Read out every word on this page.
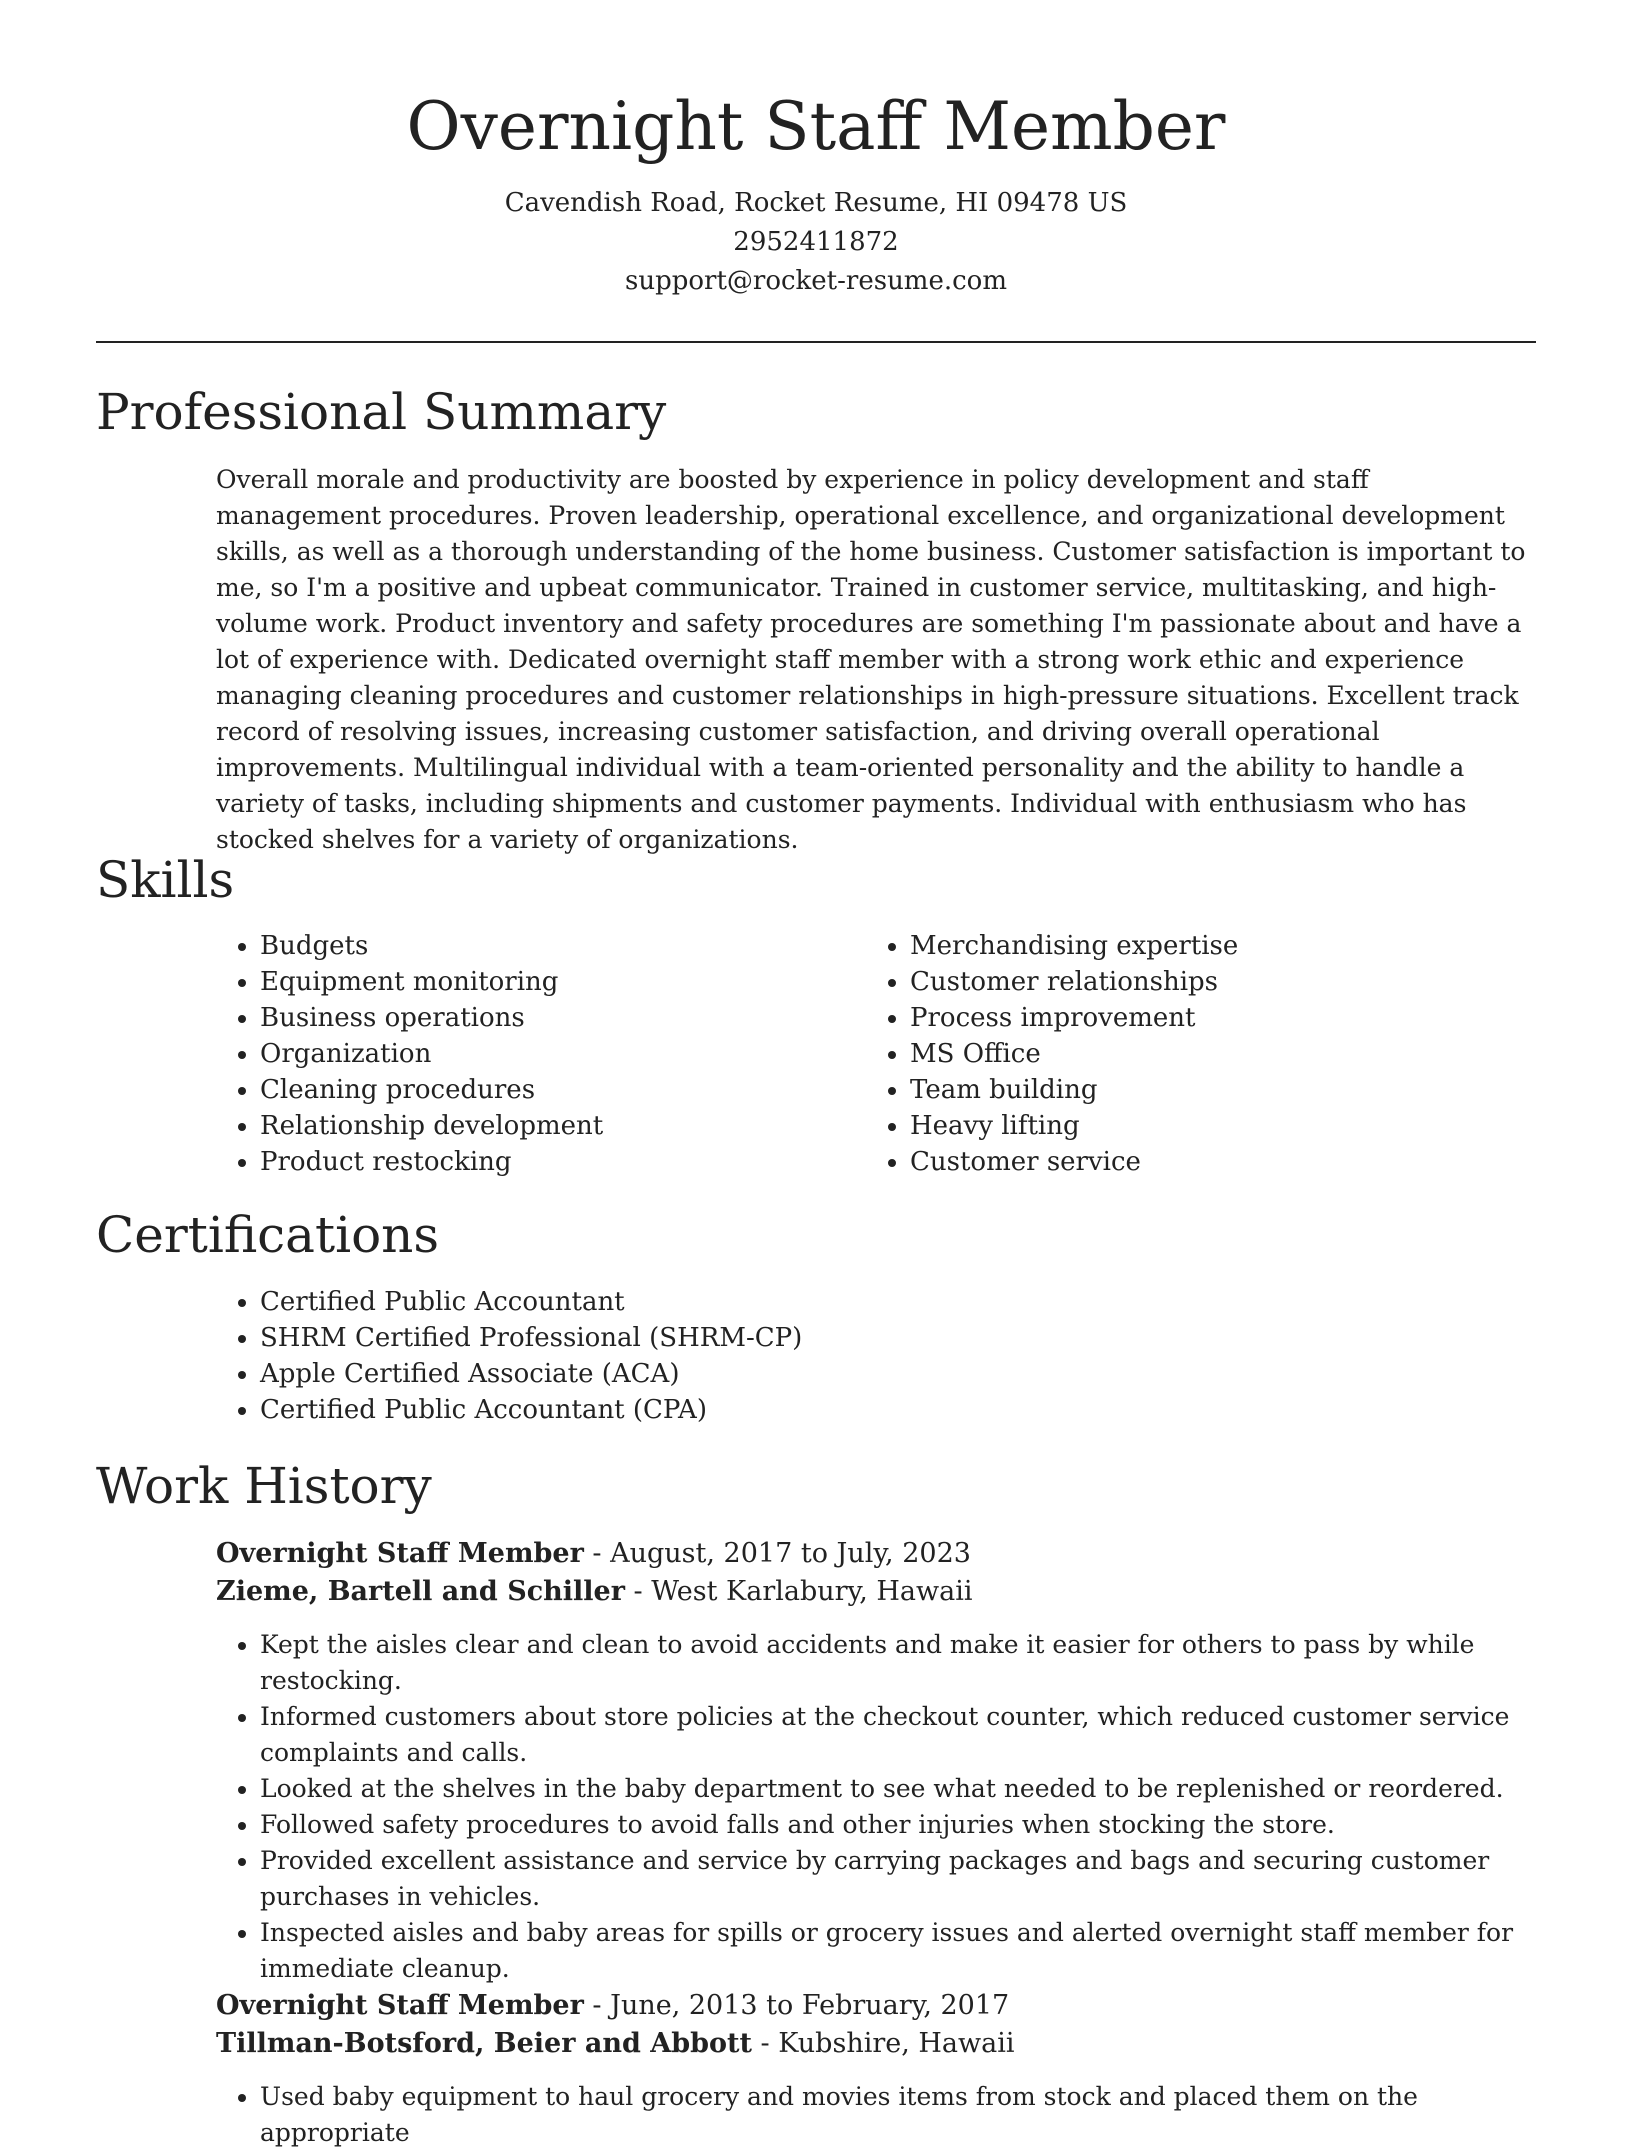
Overnight Staff Member
Cavendish Road, Rocket Resume, HI 09478 US
2952411872
support@rocket-resume.com
Professional Summary

Overall morale and productivity are boosted by experience in policy development and staff management procedures. Proven leadership, operational excellence, and organizational development skills, as well as a thorough understanding of the home business. Customer satisfaction is important to me, so I'm a positive and upbeat communicator. Trained in customer service, multitasking, and high-volume work. Product inventory and safety procedures are something I'm passionate about and have a lot of experience with. Dedicated overnight staff member with a strong work ethic and experience managing cleaning procedures and customer relationships in high-pressure situations. Excellent track record of resolving issues, increasing customer satisfaction, and driving overall operational improvements. Multilingual individual with a team-oriented personality and the ability to handle a variety of tasks, including shipments and customer payments. Individual with enthusiasm who has stocked shelves for a variety of organizations.

Skills
• Budgets
• Equipment monitoring
• Business operations
• Organization
• Cleaning procedures
• Relationship development
• Product restocking
• Merchandising expertise
• Customer relationships
• Process improvement
• MS Office
• Team building
• Heavy lifting
• Customer service
Certifications
• Certified Public Accountant
• SHRM Certified Professional (SHRM-CP)
• Apple Certified Associate (ACA)
• Certified Public Accountant (CPA)
Work History

Overnight Staff Member - August, 2017 to July, 2023

Zieme, Bartell and Schiller - West Karlabury, Hawaii

• Kept the aisles clear and clean to avoid accidents and make it easier for others to pass by while restocking.
• Informed customers about store policies at the checkout counter, which reduced customer service complaints and calls.
• Looked at the shelves in the baby department to see what needed to be replenished or reordered.
• Followed safety procedures to avoid falls and other injuries when stocking the store.
• Provided excellent assistance and service by carrying packages and bags and securing customer purchases in vehicles.
• Inspected aisles and baby areas for spills or grocery issues and alerted overnight staff member for immediate cleanup.

Overnight Staff Member - June, 2013 to February, 2017

Tillman-Botsford, Beier and Abbott - Kubshire, Hawaii

• Used baby equipment to haul grocery and movies items from stock and placed them on the appropriate
